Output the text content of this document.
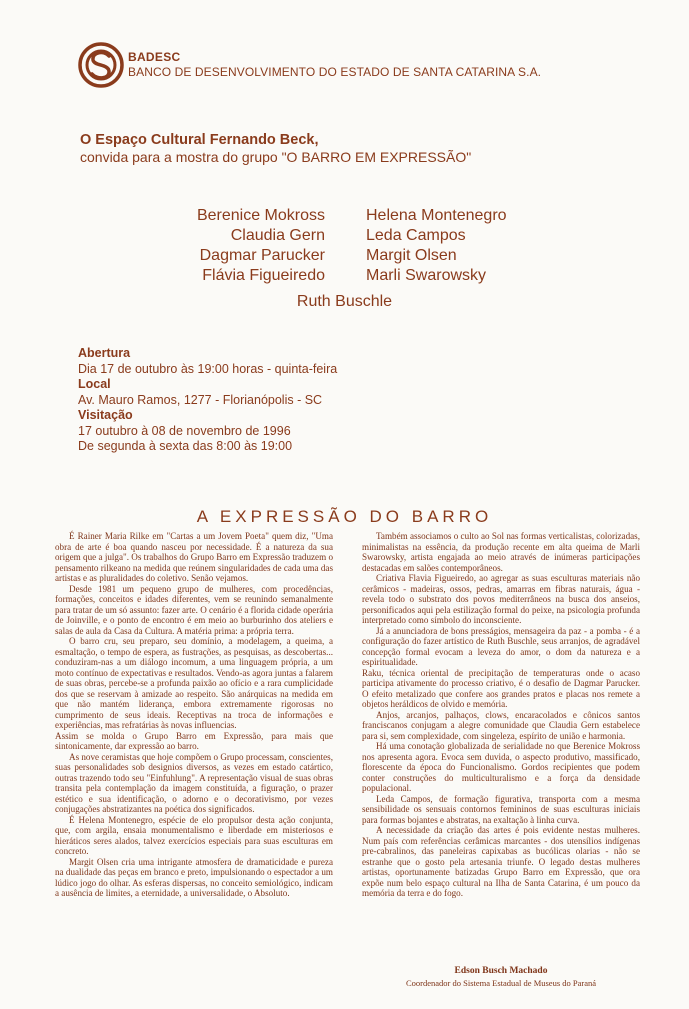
BADESC
BANCO DE DESENVOLVIMENTO DO ESTADO DE SANTA CATARINA S.A.
O Espaço Cultural Fernando Beck,
convida para a mostra do grupo "O BARRO EM EXPRESSÃO"
Berenice Mokross
Claudia Gern
Dagmar Parucker
Flávia Figueiredo
Helena Montenegro
Leda Campos
Margit Olsen
Marli Swarowsky
Ruth Buschle
Abertura
Dia 17 de outubro às 19:00 horas - quinta-feira
Local
Av. Mauro Ramos, 1277 - Florianópolis - SC
Visitação
17 outubro à 08 de novembro de 1996
De segunda à sexta das 8:00 às 19:00
A EXPRESSÃO DO BARRO

É Rainer Maria Rilke em "Cartas a um Jovem Poeta" quem diz, "Uma obra de arte é boa quando nasceu por necessidade. É a natureza da sua origem que a julga". Os trabalhos do Grupo Barro em Expressão traduzem o pensamento rilkeano na medida que reúnem singularidades de cada uma das artistas e as pluralidades do coletivo. Senão vejamos.

Desde 1981 um pequeno grupo de mulheres, com procedências, formações, conceitos e idades diferentes, vem se reunindo semanalmente para tratar de um só assunto: fazer arte. O cenário é a florida cidade operária de Joinville, e o ponto de encontro é em meio ao burburinho dos ateliers e salas de aula da Casa da Cultura. A matéria prima: a própria terra.

O barro cru, seu preparo, seu domínio, a modelagem, a queima, a esmaltação, o tempo de espera, as fustrações, as pesquisas, as descobertas... conduziram-nas a um diálogo incomum, a uma linguagem própria, a um moto contínuo de expectativas e resultados. Vendo-as agora juntas a falarem de suas obras, percebe-se a profunda paixão ao ofício e a rara cumplicidade dos que se reservam à amizade ao respeito. São anárquicas na medida em que não mantém liderança, embora extremamente rigorosas no cumprimento de seus ideais. Receptivas na troca de informações e experiências, mas refratárias às novas influencias.

Assim se molda o Grupo Barro em Expressão, para mais que sintonicamente, dar expressão ao barro.

As nove ceramistas que hoje compõem o Grupo processam, conscientes, suas personalidades sob designios diversos, as vezes em estado catártico, outras trazendo todo seu "Einfuhlung". A representação visual de suas obras transita pela contemplação da imagem constituída, a figuração, o prazer estético e sua identificação, o adorno e o decorativismo, por vezes conjugações abstratizantes na poética dos significados.

É Helena Montenegro, espécie de elo propulsor desta ação conjunta, que, com argila, ensaia monumentalismo e liberdade em misteriosos e hieráticos seres alados, talvez exercícios especiais para suas esculturas em concreto.

Margit Olsen cria uma intrigante atmosfera de dramaticidade e pureza na dualidade das peças em branco e preto, impulsionando o espectador a um lúdico jogo do olhar. As esferas dispersas, no conceito semiológico, indicam a ausência de limites, a eternidade, a universalidade, o Absoluto.

Também associamos o culto ao Sol nas formas verticalistas, colorizadas, minimalistas na essência, da produção recente em alta queima de Marli Swarowsky, artista engajada ao meio através de inúmeras participações destacadas em salões contemporâneos.

Criativa Flavia Figueiredo, ao agregar as suas esculturas materiais não cerâmicos - madeiras, ossos, pedras, amarras em fibras naturais, água - revela todo o substrato dos povos mediterrâneos na busca dos anseios, personificados aqui pela estilização formal do peixe, na psicologia profunda interpretado como símbolo do inconsciente.

Já a anunciadora de bons presságios, mensageira da paz - a pomba - é a configuração do fazer artístico de Ruth Buschle, seus arranjos, de agradável concepção formal evocam a leveza do amor, o dom da natureza e a espiritualidade.

Raku, técnica oriental de precipitação de temperaturas onde o acaso participa ativamente do processo criativo, é o desafio de Dagmar Parucker. O efeito metalizado que confere aos grandes pratos e placas nos remete a objetos heráldicos de olvido e memória.

Anjos, arcanjos, palhaços, clows, encaracolados e cônicos santos franciscanos conjugam a alegre comunidade que Claudia Gern estabelece para si, sem complexidade, com singeleza, espírito de união e harmonia.

Há uma conotação globalizada de serialidade no que Berenice Mokross nos apresenta agora. Evoca sem duvida, o aspecto produtivo, massificado, florescente da época do Funcionalismo. Gordos recipientes que podem conter construções do multiculturalismo e a força da densidade populacional.

Leda Campos, de formação figurativa, transporta com a mesma sensibilidade os sensuais contornos femininos de suas esculturas iniciais para formas bojantes e abstratas, na exaltação à linha curva.

A necessidade da criação das artes é pois evidente nestas mulheres. Num país com referências cerâmicas marcantes - dos utensílios indígenas pre-cabralinos, das paneleiras capixabas as bucólicas olarias - não se estranhe que o gosto pela artesania triunfe. O legado destas mulheres artistas, oportunamente batizadas Grupo Barro em Expressão, que ora expõe num belo espaço cultural na Ilha de Santa Catarina, é um pouco da memória da terra e do fogo.

Edson Busch Machado
Coordenador do Sistema Estadual de Museus do Paraná
